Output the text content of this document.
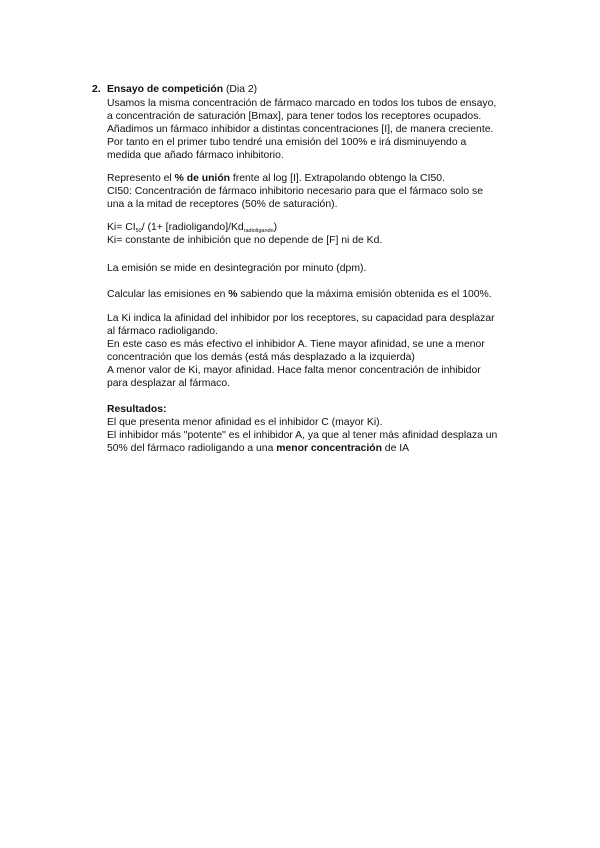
2. Ensayo de competición (Dia 2)
Usamos la misma concentración de fármaco marcado en todos los tubos de ensayo,
a concentración de saturación [Bmax], para tener todos los receptores ocupados.
Añadimos un fármaco inhibidor a distintas concentraciones [I], de manera creciente.
Por tanto en el primer tubo tendré una emisión del 100% e irá disminuyendo a
medida que añado fármaco inhibitorio.
Represento el % de unión frente al log [I]. Extrapolando obtengo la CI50.
CI50: Concentración de fármaco inhibitorio necesario para que el fármaco solo se
una a la mitad de receptores (50% de saturación).
$Ki= CI_{50}/$ $(1+ [radioligando]/Kd_{radioligando})$
Ki= constante de inhibición que no depende de [F] ni de Kd.
La emisión se mide en desintegración por minuto (dpm).
Calcular las emisiones en % sabiendo que la máxima emisión obtenida es el 100%.
La Ki indica la afinidad del inhibidor por los receptores, su capacidad para desplazar
al fármaco radioligando.
En este caso es más efectivo el inhibidor A. Tiene mayor afinidad, se une a menor
concentración que los demás (está más desplazado a la izquierda)
A menor valor de Ki, mayor afinidad. Hace falta menor concentración de inhibidor
para desplazar al fármaco.
Resultados:
El que presenta menor afinidad es el inhibidor C (mayor Ki).
El inhibidor más "potente" es el inhibidor A, ya que al tener más afinidad desplaza un
50% del fármaco radioligando a una menor concentración de IA
